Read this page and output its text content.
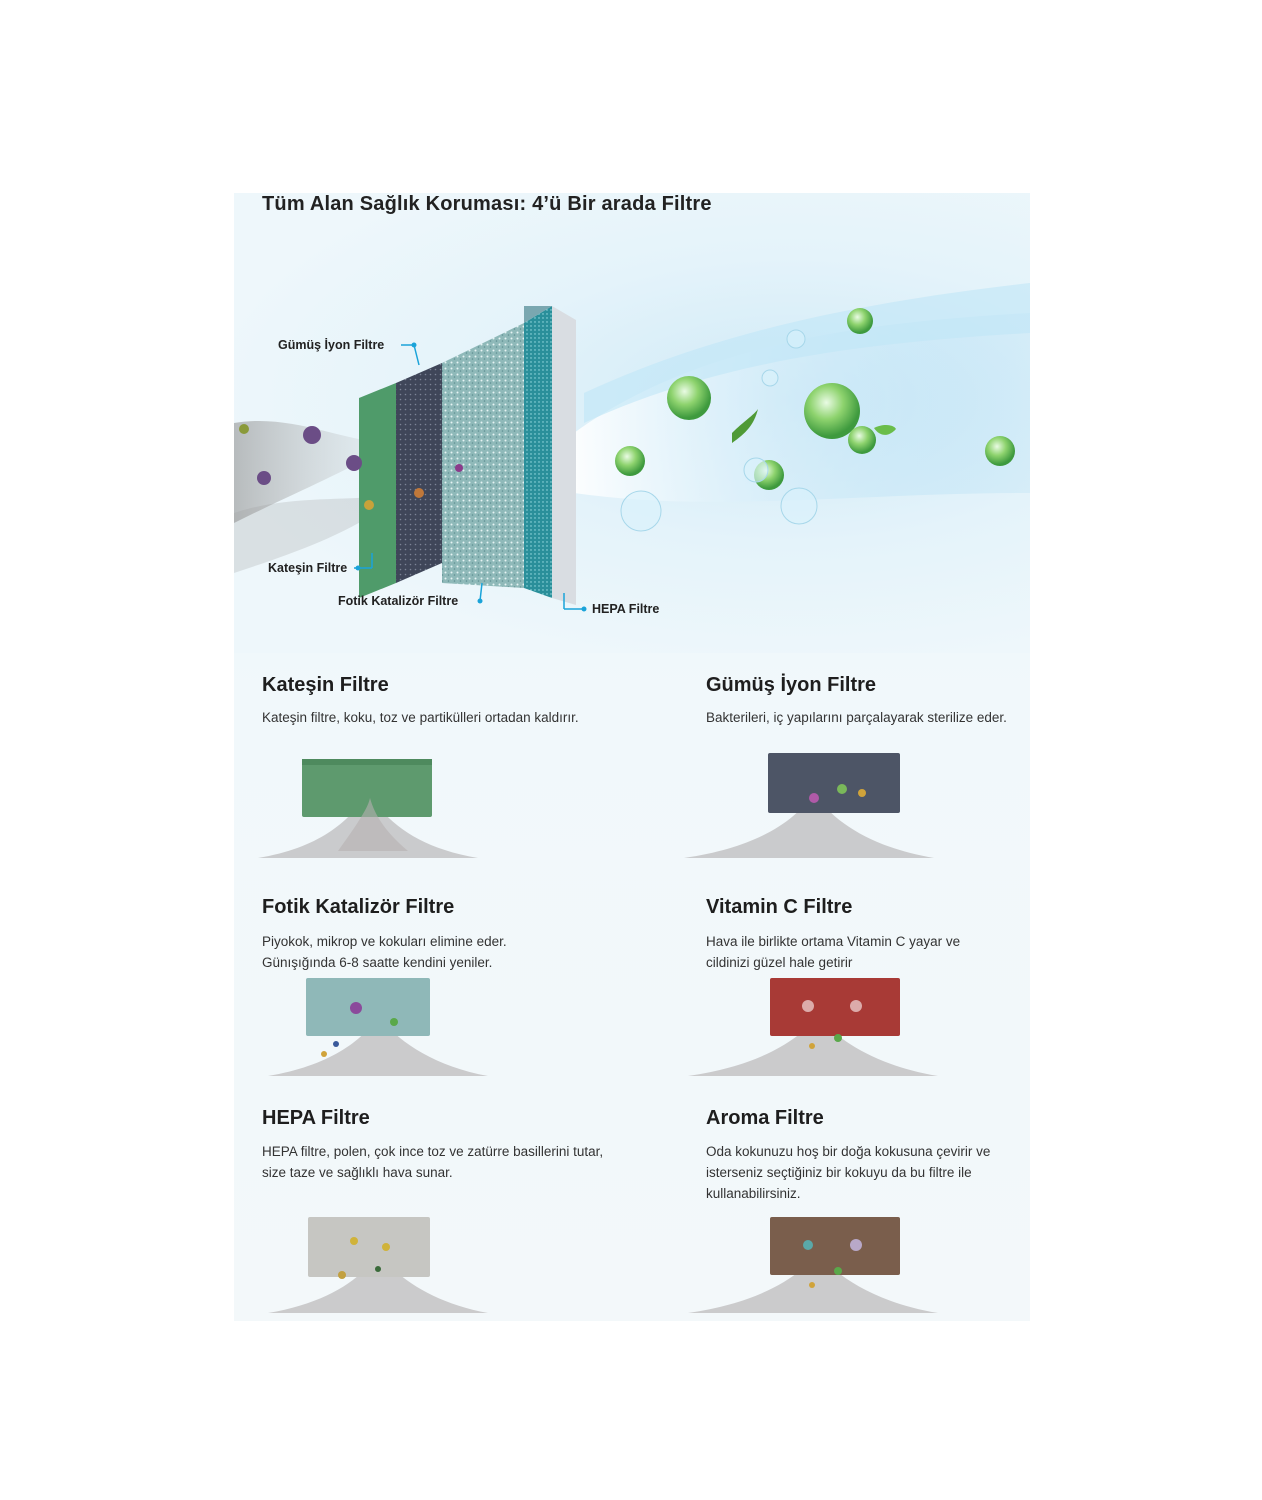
Tüm Alan Sağlık Koruması: 4’ü Bir arada Filtre
Gümüş İyon Filtre
Kateşin Filtre
Fotik Katalizör Filtre
HEPA Filtre
Kateşin Filtre

Kateşin filtre, koku, toz ve partikülleri ortadan kaldırır.

Gümüş İyon Filtre

Bakterileri, iç yapılarını parçalayarak sterilize eder.

Fotik Katalizör Filtre

Piyokok, mikrop ve kokuları elimine eder. Günışığında 6-8 saatte kendini yeniler.

Vitamin C Filtre

Hava ile birlikte ortama Vitamin C yayar ve cildinizi güzel hale getirir

HEPA Filtre

HEPA filtre, polen, çok ince toz ve zatürre basillerini tutar, size taze ve sağlıklı hava sunar.

Aroma Filtre

Oda kokunuzu hoş bir doğa kokusuna çevirir ve isterseniz seçtiğiniz bir kokuyu da bu filtre ile kullanabilirsiniz.
